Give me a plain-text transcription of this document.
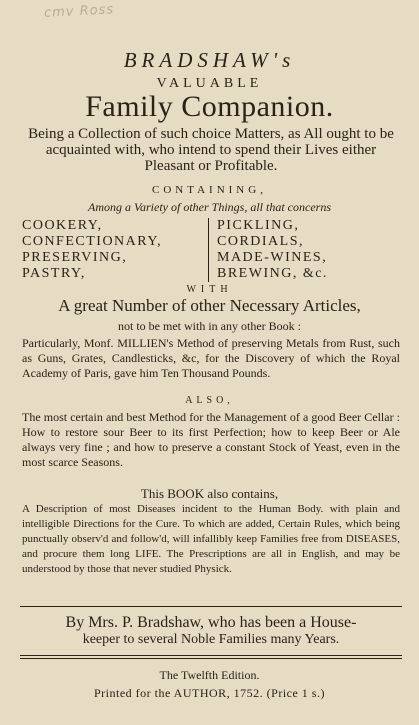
cmv Ross
BRADSHAW's
VALUABLE
Family Companion.
Being a Collection of such choice Matters, as All ought to be acquainted with, who intend to spend their Lives either Pleasant or Profitable.
CONTAINING,
Among a Variety of other Things, all that concerns
COOKERY,
CONFECTIONARY,
PRESERVING,
PASTRY,
PICKLING,
CORDIALS,
MADE-WINES,
BREWING, &c.
WITH
A great Number of other Necessary Articles,
not to be met with in any other Book :
Particularly, Monf. MILLIEN's Method of preserving Metals from Rust, such as Guns, Grates, Candlesticks, &c, for the Discovery of which the Royal Academy of Paris, gave him Ten Thousand Pounds.
ALSO,
The most certain and best Method for the Management of a good Beer Cellar : How to restore sour Beer to its first Perfection; how to keep Beer or Ale always very fine ; and how to preserve a constant Stock of Yeast, even in the most scarce Seasons.
This BOOK also contains,
A Description of most Diseases incident to the Human Body. with plain and intelligible Directions for the Cure. To which are added, Certain Rules, which being punctually observ'd and follow'd, will infallibly keep Families free from DISEASES, and procure them long LIFE. The Prescriptions are all in English, and may be understood by those that never studied Physick.
By Mrs. P. Bradshaw, who has been a House-
keeper to several Noble Families many Years.
The Twelfth Edition.
Printed for the AUTHOR, 1752. (Price 1 s.)
